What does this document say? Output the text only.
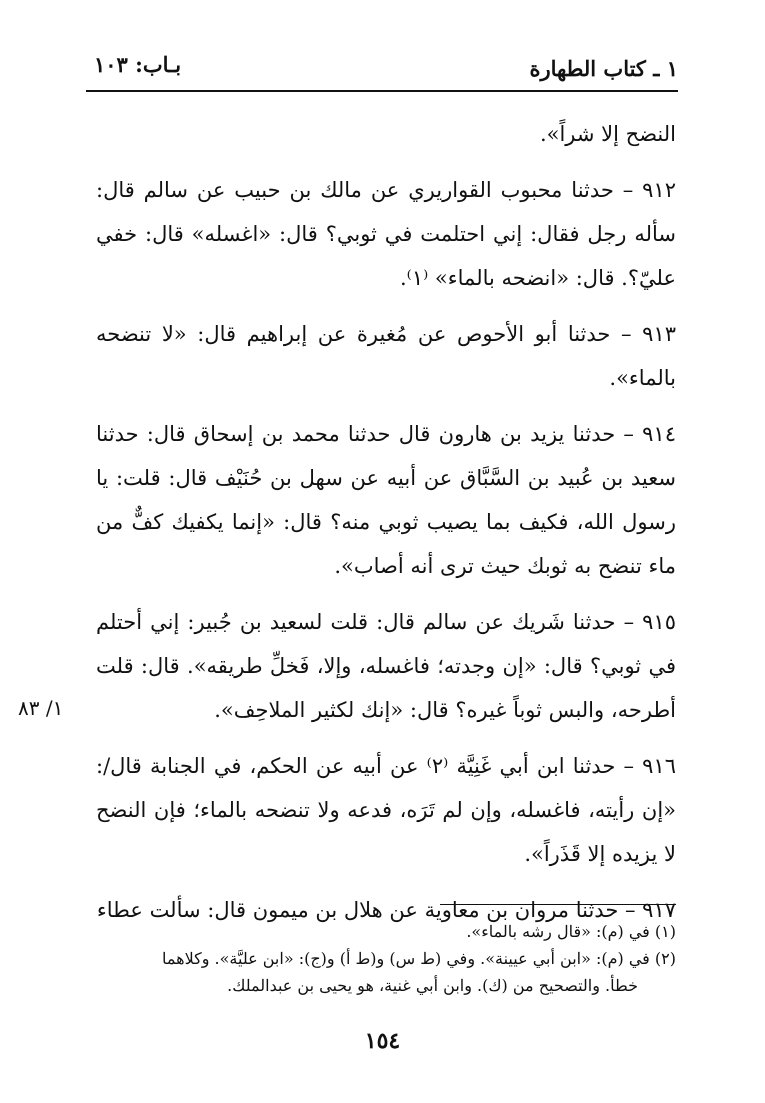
١ ـ كتاب الطهارة
بـاب: ١٠٣
١/ ٨٣

النضح إلا شراً».

٩١٢ – حدثنا محبوب القواريري عن مالك بن حبيب عن سالم قال: سأله رجل فقال: إني احتلمت في ثوبي؟ قال: «اغسله» قال: خفي عليّ؟. قال: «انضحه بالماء» ⁽١⁾.

٩١٣ – حدثنا أبو الأحوص عن مُغيرة عن إبراهيم قال: «لا تنضحه بالماء».

٩١٤ – حدثنا يزيد بن هارون قال حدثنا محمد بن إسحاق قال: حدثنا سعيد بن عُبيد بن السَّبَّاق عن أبيه عن سهل بن حُنَيْف قال: قلت: يا رسول الله، فكيف بما يصيب ثوبي منه؟ قال: «إنما يكفيك كفٌّ من ماء تنضح به ثوبك حيث ترى أنه أصاب».

٩١٥ – حدثنا شَريك عن سالم قال: قلت لسعيد بن جُبير: إني أحتلم في ثوبي؟ قال: «إن وجدته؛ فاغسله، وإلا، فَخلِّ طريقه». قال: قلت أطرحه، والبس ثوباً غيره؟ قال: «إنك لكثير الملاحِف».

٩١٦ – حدثنا ابن أبي غَنِيَّة ⁽٢⁾ عن أبيه عن الحكم، في الجنابة قال/: «إن رأيته، فاغسله، وإن لم تَرَه، فدعه ولا تنضحه بالماء؛ فإن النضح لا يزيده إلا قَذَراً».

٩١٧ – حدثنا مروان بن معاوية عن هلال بن ميمون قال: سألت عطاء

(١) في (م): «قال رشه بالماء».

(٢) في (م): «ابن أبي عيينة». وفي (ط س) و(ط أ) و(ج): «ابن عليَّة». وكلاهما

خطأ. والتصحيح من (ك). وابن أبي غنية، هو يحيى بن عبدالملك.

١٥٤
